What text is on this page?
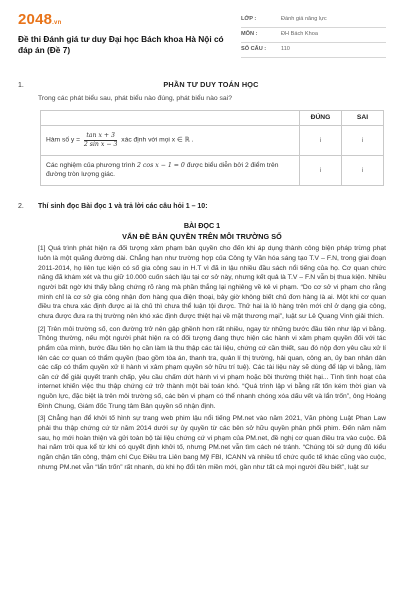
2048.vn
Đề thi Đánh giá tư duy Đại học Bách khoa Hà Nội có đáp án (Đề 7)
LỚP :	Đánh giá năng lực
MÔN :	ĐH Bách Khoa
SỐ CÂU :	110
1.	PHẦN TƯ DUY TOÁN HỌC
Trong các phát biểu sau, phát biểu nào đúng, phát biểu nào sai?
	ĐÚNG	SAI
Hàm số $y = \frac{\text{tan x + 3}}{\text{2 sin x − 3}}$ xác định với mọi x ∈ ℝ .	i	i
Các nghiệm của phương trình 2 cos x − 1 = 0 được biểu diễn bởi 2 điểm trên đường tròn lượng giác.	i	i
2.	Thí sinh đọc Bài đọc 1 và trả lời các câu hỏi 1 – 10:
BÀI ĐỌC 1
VẤN ĐỀ BẢN QUYỀN TRÊN MÔI TRƯỜNG SỐ

[1] Quá trình phát hiện ra đối tượng xâm phạm bản quyền cho đến khi áp dụng thành công biện pháp trừng phạt luôn là một quãng đường dài. Chẳng hạn như trường hợp của Công ty Văn hóa sáng tạo T.V – F.N, trong giai đoạn 2011-2014, họ liên tục kiện có số gia công sau in H.T vì đã in lậu nhiều đầu sách nổi tiếng của họ. Cơ quan chức năng đã khám xét và thu giữ 10.000 cuốn sách lậu tại cơ sở này, nhưng kết quả là T.V – F.N vẫn bị thua kiện. Nhiều người bất ngờ khi thấy bằng chứng rõ ràng mà phần thắng lại nghiêng về kẻ vi phạm. “Do cơ sở vi phạm cho rằng mình chỉ là cơ sở gia công nhận đơn hàng qua điện thoại, bây giờ không biết chủ đơn hàng là ai. Một khi cơ quan điều tra chưa xác định được ai là chủ thì chưa thể luận tội được. Thử hai là lô hàng trên mới chỉ ở dạng gia công, chưa được đưa ra thị trường nên khó xác định được thiệt hại về mặt thương mại”, luật sư Lê Quang Vinh giải thích.

[2] Trên môi trường số, con đường trở nên gập ghềnh hơn rất nhiều, ngay từ những bước đầu tiên như lập vi bằng. Thông thường, nếu một người phát hiện ra có đối tượng đang thực hiện các hành vi xâm phạm quyền đối với tác phẩm của mình, bước đầu tiên họ cần làm là thu thập các tài liệu, chứng cứ cần thiết, sau đó nộp đơn yêu cầu xử lí lên các cơ quan có thẩm quyền (bao gồm tòa án, thanh tra, quản lí thị trường, hải quan, công an, ủy ban nhân dân các cấp có thẩm quyền xử lí hành vi xâm phạm quyền sở hữu trí tuệ). Các tài liệu này sẽ dùng để lập vi bằng, làm căn cứ để giải quyết tranh chấp, yêu cầu chấm dứt hành vi vi phạm hoặc bồi thường thiệt hại... Tình tình hoạt của internet khiến việc thu thập chứng cứ trở thành một bài toán khó. “Quá trình lập vi bằng rất tốn kém thời gian và nguồn lực, đặc biệt là trên môi trường số, các bên vi phạm có thể nhanh chóng xóa dấu vết và lẩn trốn”, ông Hoàng Đình Chung, Giám đốc Trung tâm Bản quyền số nhận định.

[3] Chẳng hạn để khởi tố hình sự trang web phim lậu nổi tiếng PM.net vào năm 2021, Văn phòng Luật Phan Law phải thu thập chứng cứ từ năm 2014 dưới sự ủy quyền từ các bên sở hữu quyền phân phối phim. Đến năm năm sau, họ mới hoàn thiện và gửi toàn bộ tài liệu chứng cứ vi phạm của PM.net, đề nghị cơ quan điều tra vào cuộc. Đã hai năm trôi qua kể từ khi có quyết định khởi tố, nhưng PM.net vẫn tìm cách né tránh. “Chúng tôi sử dụng đủ kiểu ngăn chặn tấn công, thậm chí Cục Điều tra Liên bang Mỹ FBI, ICANN và nhiều tổ chức quốc tế khác cũng vào cuộc, nhưng PM.net vẫn “lẩn trốn” rất nhanh, dù khi họ đổi tên miền mới, gần như tất cả mọi người đều biết”, luật sư
